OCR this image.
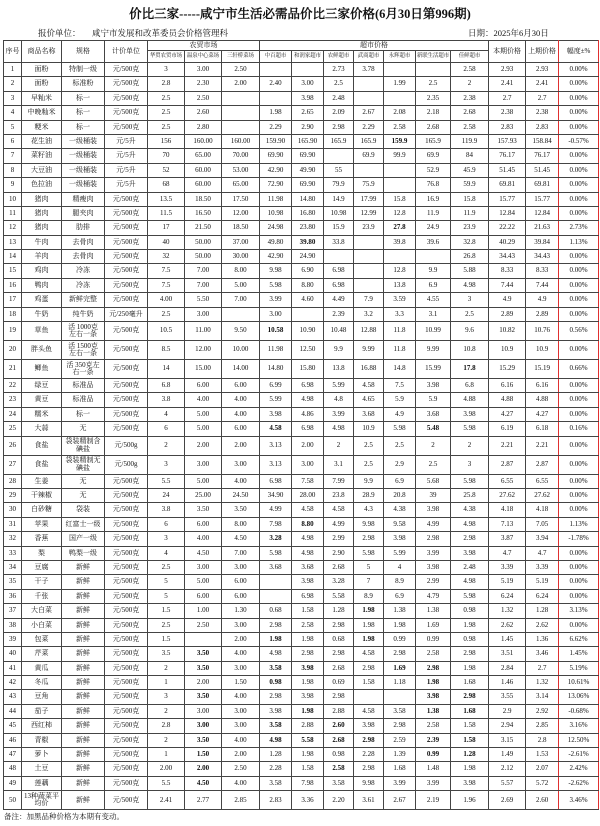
价比三家-----咸宁市生活必需品价比三家价格(6月30日第996期)
报价单位： 咸宁市发展和改革委员会价格管理科	日期：2025年6月30日
序号	商品名称	规格	计价单位	农贸市场			超市价格							本期价格	上期价格	幅度±%
				华贸农贸市场	温泉中心菜场	三轩桥菜场	中百超市	和润家超市	农鲜超市	武商超市	永辉超市	新联生活超市	佳鲜超市			
1	面粉	特制一级	元/500克	3	3.00	2.50			2.73	3.78			2.58	2.93	2.93	0.00%
2	面粉	标准粉	元/500克	2.8	2.30	2.00	2.40	3.00	2.5		1.99	2.5	2	2.41	2.41	0.00%
3	早籼米	标一	元/500克	2.5	2.50			3.98	2.48			2.35	2.38	2.7	2.7	0.00%
4	中晚籼米	标一	元/500克	2.5	2.60		1.98	2.65	2.09	2.67	2.08	2.18	2.68	2.38	2.38	0.00%
5	粳米	标一	元/500克	2.5	2.80		2.29	2.90	2.98	2.29	2.58	2.68	2.58	2.83	2.83	0.00%
6	花生油	一级桶装	元/5升	156	160.00	160.00	159.90	165.90	165.9	165.9	159.9	165.9	119.9	157.93	158.84	-0.57%
7	菜籽油	一级桶装	元/5升	70	65.00	70.00	69.90	69.90		69.9	99.9	69.9	84	76.17	76.17	0.00%
8	大豆油	一级桶装	元/5升	52	60.00	53.00	42.90	49.90	55			52.9	45.9	51.45	51.45	0.00%
9	色拉油	一级桶装	元/5升	68	60.00	65.00	72.90	69.90	79.9	75.9		76.8	59.9	69.81	69.81	0.00%
10	猪肉	精瘦肉	元/500克	13.5	18.50	17.50	11.98	14.80	14.9	17.99	15.8	16.9	15.8	15.77	15.77	0.00%
11	猪肉	腿夹肉	元/500克	11.5	16.50	12.00	10.98	16.80	10.98	12.99	12.8	11.9	11.9	12.84	12.84	0.00%
12	猪肉	肋排	元/500克	17	21.50	18.50	24.98	23.80	15.9	23.9	27.8	24.9	23.9	22.22	21.63	2.73%
13	牛肉	去骨肉	元/500克	40	50.00	37.00	49.80	39.80	33.8		39.8	39.6	32.8	40.29	39.84	1.13%
14	羊肉	去骨肉	元/500克	32	50.00	30.00	42.90	24.90					26.8	34.43	34.43	0.00%
15	鸡肉	冷冻	元/500克	7.5	7.00	8.00	9.98	6.90	6.98		12.8	9.9	5.88	8.33	8.33	0.00%
16	鸭肉	冷冻	元/500克	7.5	7.00	5.00	5.98	8.80	6.98		13.8	6.9	4.98	7.44	7.44	0.00%
17	鸡蛋	新鲜完整	元/500克	4.00	5.50	7.00	3.99	4.60	4.49	7.9	3.59	4.55	3	4.9	4.9	0.00%
18	牛奶	纯牛奶	元/250毫升	2.5	3.00		3.00		2.39	3.2	3.3	3.1	2.5	2.89	2.89	0.00%
19	草鱼	活 1000克
左右一条	元/500克	10.5	11.00	9.50	10.58	10.90	10.48	12.88	11.8	10.99	9.6	10.82	10.76	0.56%
20	胖头鱼	活 1500克
左右一条	元/500克	8.5	12.00	10.00	11.98	12.50	9.9	9.99	11.8	9.99	10.8	10.9	10.9	0.00%
21	鲫鱼	活 350克左
右一条	元/500克	14	15.00	14.00	14.80	15.80	13.8	16.88	14.8	15.99	17.8	15.29	15.19	0.66%
22	绿豆	标准品	元/500克	6.8	6.00	6.00	6.99	6.98	5.99	4.58	7.5	3.98	6.8	6.16	6.16	0.00%
23	黄豆	标准品	元/500克	3.8	4.00	4.00	5.99	4.98	4.8	4.65	5.9	5.9	4.88	4.88	4.88	0.00%
24	糯米	标一	元/500克	4	5.00	4.00	3.98	4.86	3.99	3.68	4.9	3.68	3.98	4.27	4.27	0.00%
25	大蒜	无	元/500克	6	5.00	6.00	4.58	6.98	4.98	10.9	5.98	5.48	5.98	6.19	6.18	0.16%
26	食盐	袋装精制含碘盐	元/500g	2	2.00	2.00	3.13	2.00	2	2.5	2.5	2	2	2.21	2.21	0.00%
27	食盐	袋装精制无碘盐	元/500g	3	3.00	3.00	3.13	3.00	3.1	2.5	2.9	2.5	3	2.87	2.87	0.00%
28	生姜	无	元/500克	5.5	5.00	4.00	6.98	7.58	7.99	9.9	6.9	5.68	5.98	6.55	6.55	0.00%
29	干辣椒	无	元/500克	24	25.00	24.50	34.90	28.00	23.8	28.9	20.8	39	25.8	27.62	27.62	0.00%
30	白砂糖	袋装	元/500克	3.8	3.50	3.50	4.99	4.58	4.58	4.3	4.38	3.98	4.38	4.18	4.18	0.00%
31	苹果	红富士一级	元/500克	6	6.00	8.00	7.98	8.80	4.99	9.98	9.58	4.99	4.98	7.13	7.05	1.13%
32	香蕉	国产一级	元/500克	3	4.00	4.50	3.28	4.98	2.99	2.98	3.98	2.98	2.98	3.87	3.94	-1.78%
33	梨	鸭梨一级	元/500克	4	4.50	7.00	5.98	4.98	2.90	5.98	5.99	3.99	3.98	4.7	4.7	0.00%
34	豆腐	新鲜	元/500克	2.5	3.00	3.00	3.68	3.68	2.68	5	4	3.98	2.48	3.39	3.39	0.00%
35	干子	新鲜	元/500克	5	5.00	6.00		3.98	3.28	7	8.9	2.99	4.98	5.19	5.19	0.00%
36	千张	新鲜	元/500克	5	6.00	6.00		6.98	5.58	8.9	6.9	4.79	5.98	6.24	6.24	0.00%
37	大白菜	新鲜	元/500克	1.5	1.00	1.30	0.68	1.58	1.28	1.98	1.38	1.38	0.98	1.32	1.28	3.13%
38	小白菜	新鲜	元/500克	2.5	2.50	3.00	2.98	2.58	2.98	1.98	1.98	1.69	1.98	2.62	2.62	0.00%
39	包菜	新鲜	元/500克	1.5		2.00	1.98	1.98	0.68	1.98	0.99	0.99	0.98	1.45	1.36	6.62%
40	芹菜	新鲜	元/500克	3.5	3.50	4.00	4.98	2.98	2.98	4.58	2.98	2.58	2.98	3.51	3.46	1.45%
41	黄瓜	新鲜	元/500克	2	3.50	3.00	3.58	3.98	2.68	2.98	1.69	2.98	1.98	2.84	2.7	5.19%
42	冬瓜	新鲜	元/500克	1	2.00	1.50	0.98	1.98	0.69	1.58	1.18	1.98	1.68	1.46	1.32	10.61%
43	豆角	新鲜	元/500克	3	3.50	4.00	2.98	3.98	2.98			3.98	2.98	3.55	3.14	13.06%
44	茄子	新鲜	元/500克	2	3.00	3.00	3.98	1.98	2.88	4.58	3.58	1.38	1.68	2.9	2.92	-0.68%
45	西红柿	新鲜	元/500克	2.8	3.00	3.00	3.58	2.88	2.60	3.98	2.98	2.58	1.58	2.94	2.85	3.16%
46	青椒	新鲜	元/500克	2	3.50	4.00	4.98	5.58	2.68	2.98	2.59	2.39	1.58	3.15	2.8	12.50%
47	萝卜	新鲜	元/500克	1	1.50	2.00	1.28	1.98	0.98	2.28	1.39	0.99	1.28	1.49	1.53	-2.61%
48	土豆	新鲜	元/500克	2.00	2.00	2.50	2.28	1.58	2.58	2.98	1.68	1.48	1.98	2.12	2.07	2.42%
49	莲藕	新鲜	元/500克	5.5	4.50	4.00	3.58	7.98	3.58	9.98	3.99	3.99	3.98	5.57	5.72	-2.62%
50	13种蔬菜平均价	新鲜	元/500克	2.41	2.77	2.85	2.83	3.36	2.20	3.61	2.67	2.19	1.96	2.69	2.60	3.46%
备注：加黑品种价格为本期有变动。
